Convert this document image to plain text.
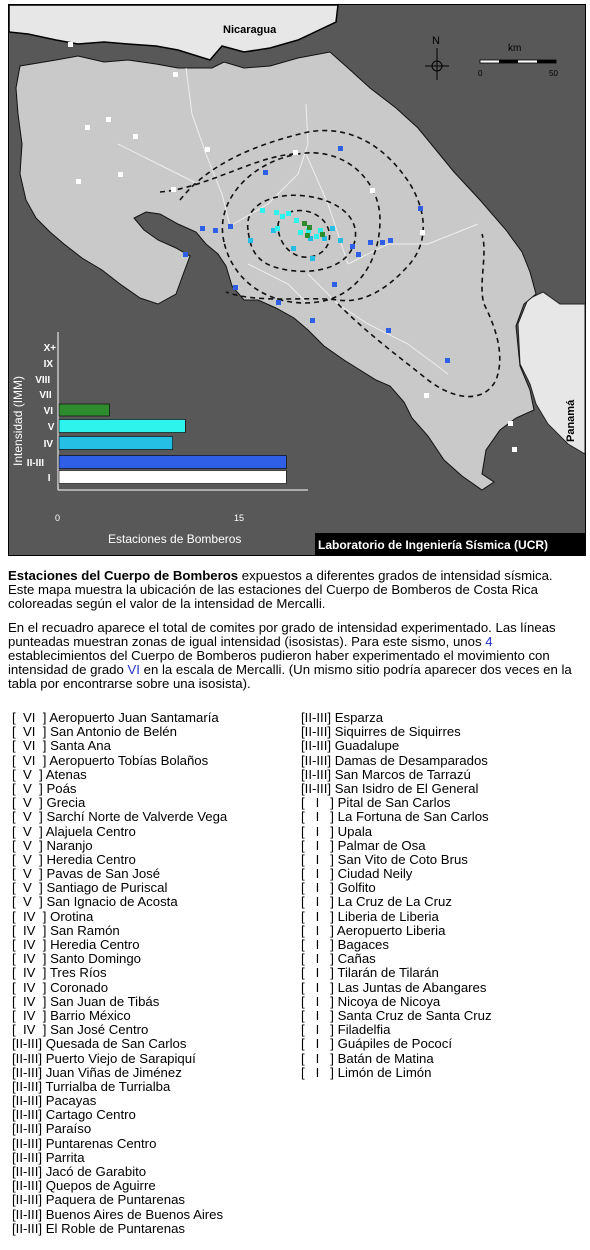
Nicaragua
Panamá
N
km
0	50
Intensidad (IMM)
Estaciones de Bomberos
0	15
I
II-III
IV
V
VI
VII
VIII
IX
X+
Laboratorio de Ingeniería Sísmica (UCR)
Estaciones del Cuerpo de Bomberos expuestos a diferentes grados de intensidad sísmica. Este mapa muestra la ubicación de las estaciones del Cuerpo de Bomberos de Costa Rica coloreadas según el valor de la intensidad de Mercalli.
En el recuadro aparece el total de comites por grado de intensidad experimentado. Las líneas punteadas muestran zonas de igual intensidad (isosistas). Para este sismo, unos 4 establecimientos del Cuerpo de Bomberos pudieron haber experimentado el movimiento con intensidad de grado VI en la escala de Mercalli. (Un mismo sitio podría aparecer dos veces en la tabla por encontrarse sobre una isosista).
[  VI  ] Aeropuerto Juan Santamaría
[  VI  ] San Antonio de Belén
[  VI  ] Santa Ana
[  VI  ] Aeropuerto Tobías Bolaños
[  V  ] Atenas
[  V  ] Poás
[  V  ] Grecia
[  V  ] Sarchí Norte de Valverde Vega
[  V  ] Alajuela Centro
[  V  ] Naranjo
[  V  ] Heredia Centro
[  V  ] Pavas de San José
[  V  ] Santiago de Puriscal
[  V  ] San Ignacio de Acosta
[  IV  ] Orotina
[  IV  ] San Ramón
[  IV  ] Heredia Centro
[  IV  ] Santo Domingo
[  IV  ] Tres Ríos
[  IV  ] Coronado
[  IV  ] San Juan de Tibás
[  IV  ] Barrio México
[  IV  ] San José Centro
[II-III] Quesada de San Carlos
[II-III] Puerto Viejo de Sarapiquí
[II-III] Juan Viñas de Jiménez
[II-III] Turrialba de Turrialba
[II-III] Pacayas
[II-III] Cartago Centro
[II-III] Paraíso
[II-III] Puntarenas Centro
[II-III] Parrita
[II-III] Jacó de Garabito
[II-III] Quepos de Aguirre
[II-III] Paquera de Puntarenas
[II-III] Buenos Aires de Buenos Aires
[II-III] El Roble de Puntarenas
[II-III] Esparza
[II-III] Siquirres de Siquirres
[II-III] Guadalupe
[II-III] Damas de Desamparados
[II-III] San Marcos de Tarrazú
[II-III] San Isidro de El General
[   I   ] Pital de San Carlos
[   I   ] La Fortuna de San Carlos
[   I   ] Upala
[   I   ] Palmar de Osa
[   I   ] San Vito de Coto Brus
[   I   ] Ciudad Neily
[   I   ] Golfito
[   I   ] La Cruz de La Cruz
[   I   ] Liberia de Liberia
[   I   ] Aeropuerto Liberia
[   I   ] Bagaces
[   I   ] Cañas
[   I   ] Tilarán de Tilarán
[   I   ] Las Juntas de Abangares
[   I   ] Nicoya de Nicoya
[   I   ] Santa Cruz de Santa Cruz
[   I   ] Filadelfia
[   I   ] Guápiles de Pococí
[   I   ] Batán de Matina
[   I   ] Limón de Limón
